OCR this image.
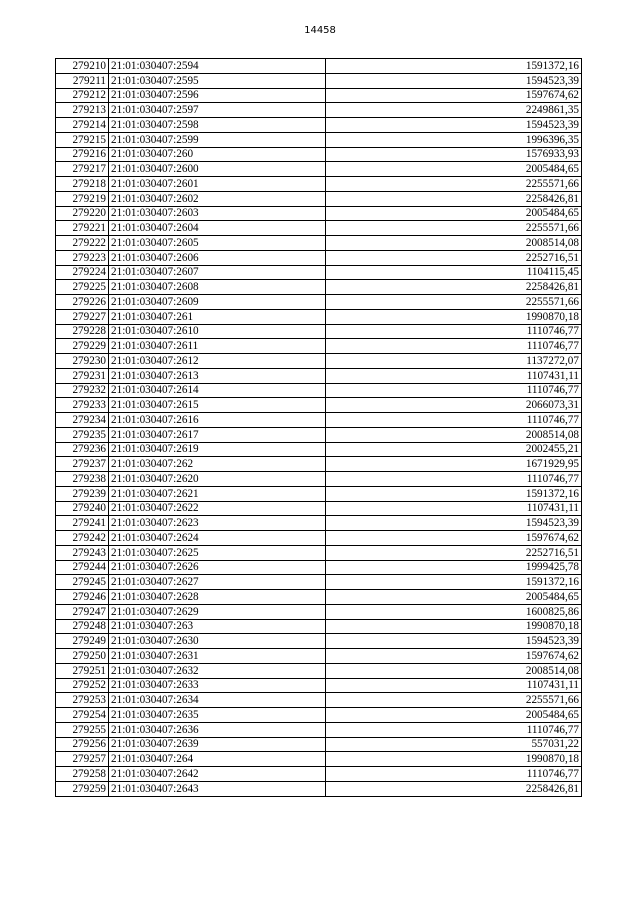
14458
279210	21:01:030407:2594	1591372,16
279211	21:01:030407:2595	1594523,39
279212	21:01:030407:2596	1597674,62
279213	21:01:030407:2597	2249861,35
279214	21:01:030407:2598	1594523,39
279215	21:01:030407:2599	1996396,35
279216	21:01:030407:260	1576933,93
279217	21:01:030407:2600	2005484,65
279218	21:01:030407:2601	2255571,66
279219	21:01:030407:2602	2258426,81
279220	21:01:030407:2603	2005484,65
279221	21:01:030407:2604	2255571,66
279222	21:01:030407:2605	2008514,08
279223	21:01:030407:2606	2252716,51
279224	21:01:030407:2607	1104115,45
279225	21:01:030407:2608	2258426,81
279226	21:01:030407:2609	2255571,66
279227	21:01:030407:261	1990870,18
279228	21:01:030407:2610	1110746,77
279229	21:01:030407:2611	1110746,77
279230	21:01:030407:2612	1137272,07
279231	21:01:030407:2613	1107431,11
279232	21:01:030407:2614	1110746,77
279233	21:01:030407:2615	2066073,31
279234	21:01:030407:2616	1110746,77
279235	21:01:030407:2617	2008514,08
279236	21:01:030407:2619	2002455,21
279237	21:01:030407:262	1671929,95
279238	21:01:030407:2620	1110746,77
279239	21:01:030407:2621	1591372,16
279240	21:01:030407:2622	1107431,11
279241	21:01:030407:2623	1594523,39
279242	21:01:030407:2624	1597674,62
279243	21:01:030407:2625	2252716,51
279244	21:01:030407:2626	1999425,78
279245	21:01:030407:2627	1591372,16
279246	21:01:030407:2628	2005484,65
279247	21:01:030407:2629	1600825,86
279248	21:01:030407:263	1990870,18
279249	21:01:030407:2630	1594523,39
279250	21:01:030407:2631	1597674,62
279251	21:01:030407:2632	2008514,08
279252	21:01:030407:2633	1107431,11
279253	21:01:030407:2634	2255571,66
279254	21:01:030407:2635	2005484,65
279255	21:01:030407:2636	1110746,77
279256	21:01:030407:2639	557031,22
279257	21:01:030407:264	1990870,18
279258	21:01:030407:2642	1110746,77
279259	21:01:030407:2643	2258426,81
